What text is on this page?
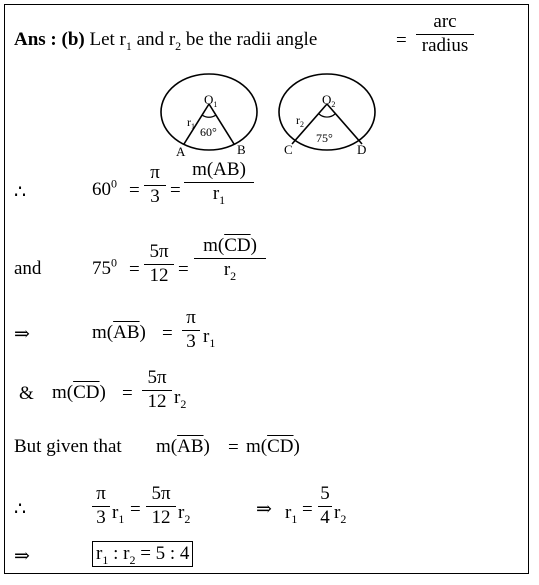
Ans : (b) Let $r_1$ and $r_2$ be the radii angle	=
arc
radius
$O_1$
$r_1$ 60°
A	B
$O_2$
$r_2$
75°
C	D
∴	$60^0$ =
π
3 =
m(AB)
$r_1$
and	$75^0$ =
5π
12 =
$m(\overline{CD})$
$r_2$
⇒	$m(\overline{AB})$ =
π
3 $r_1$
& $m(\overline{CD})$ =
5π
12 $r_2$
But given that $m(\overline{AB}) = m(\overline{CD})$
∴
π
3 $r_1$ =
5π
12 $r_2$	⇒ $r_1$ =
5
4 $r_2$
⇒	$r_1$ : $r_2 = 5$ : 4
